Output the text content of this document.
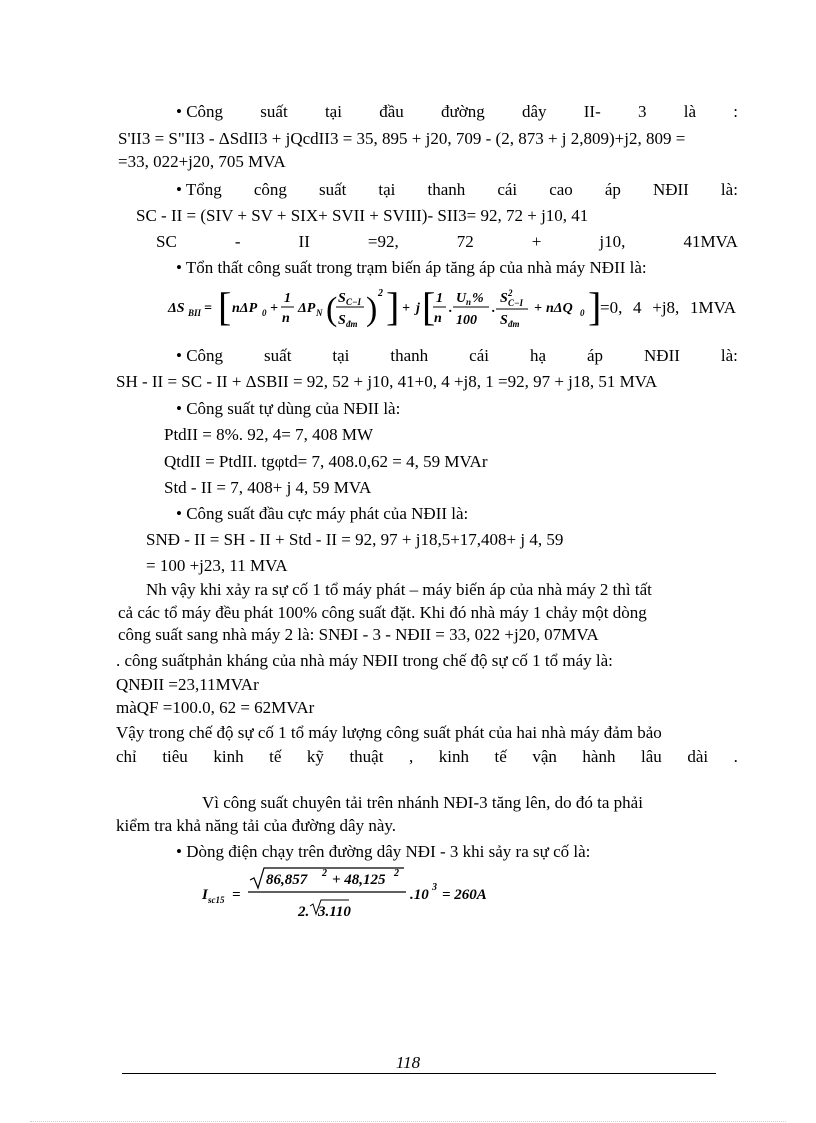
• Công suất tại đầu đường dây II- 3 là :
S'II3 = S"II3 - ΔSdII3 + jQcdII3 = 35, 895 + j20, 709 - (2, 873 + j 2,809)+j2, 809 =
=33, 022+j20, 705 MVA
• Tổng công suất tại thanh cái cao áp NĐII là:
SC - II = (SIV + SV + SIX+ SVII + SVIII)- SII3= 92, 72 + j10, 41
SC	-	II	=92,	72	+	j10,	41MVA
• Tổn thất công suất trong trạm biến áp tăng áp của nhà máy NĐII là:
ΔS BII = [ nΔP 0 +
1
n
ΔP N ( S C−I
S đm ) 2 ] + j [ 1
n
.
U n %
100
.
S 2
C−I
S đm
+ nΔQ 0 ]
=0, 4 +j8, 1MVA
• Công suất tại thanh cái hạ áp NĐII là:
SH - II = SC - II + ΔSBII = 92, 52 + j10, 41+0, 4 +j8, 1 =92, 97 + j18, 51 MVA
• Công suất tự dùng của NĐII là:
PtdII = 8%. 92, 4= 7, 408 MW
QtdII = PtdII. tgφtd= 7, 408.0,62 = 4, 59 MVAr
Std - II = 7, 408+ j 4, 59 MVA
• Công suất đầu cực máy phát của NĐII là:
SNĐ - II = SH - II + Std - II = 92, 97 + j18,5+17,408+ j 4, 59
= 100 +j23, 11 MVA
Nh vậy khi xảy ra sự cố 1 tổ máy phát – máy biến áp của nhà máy 2 thì tất
cả các tổ máy đều phát 100% công suất đặt. Khi đó nhà máy 1 chảy một dòng
công suất sang nhà máy 2 là: SNĐI - 3 - NĐII = 33, 022 +j20, 07MVA
. công suấtphản kháng của nhà máy NĐII trong chế độ sự cố 1 tổ máy là:
QNĐII =23,11MVAr
màQF =100.0, 62 = 62MVAr
Vậy trong chế độ sự cố 1 tổ máy lượng công suất phát của hai nhà máy đảm bảo
chỉ tiêu kinh tế kỹ thuật , kinh tế vận hành lâu dài .
Vì công suất chuyên tải trên nhánh NĐI-3 tăng lên, do đó ta phải
kiểm tra khả năng tải của đường dây này.
• Dòng điện chạy trên đường dây NĐI - 3 khi sảy ra sự cố là:
I sc15 =
86,857 2 + 48,125 2
2. 3.110
.10 3 = 260A
118
